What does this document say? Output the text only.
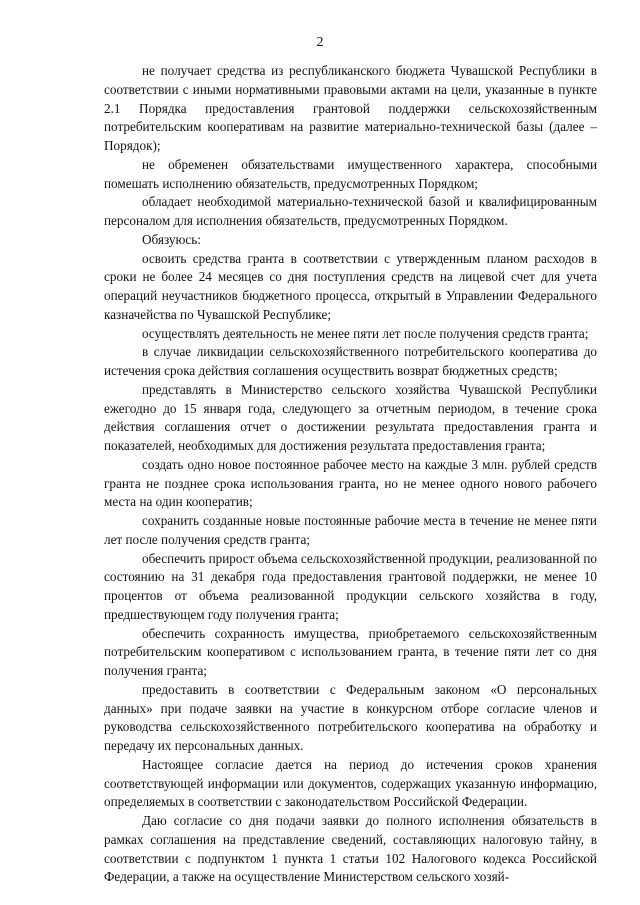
2

не получает средства из республиканского бюджета Чувашской Республики в соответствии с иными нормативными правовыми актами на цели, указанные в пункте 2.1 Порядка предоставления грантовой поддержки сельскохозяйственным потребительским кооперативам на развитие материально-технической базы (далее – Порядок);

не обременен обязательствами имущественного характера, способными помешать исполнению обязательств, предусмотренных Порядком;

обладает необходимой материально-технической базой и квалифицированным персоналом для исполнения обязательств, предусмотренных Порядком.

Обязуюсь:

освоить средства гранта в соответствии с утвержденным планом расходов в сроки не более 24 месяцев со дня поступления средств на лицевой счет для учета операций неучастников бюджетного процесса, открытый в Управлении Федерального казначейства по Чувашской Республике;

осуществлять деятельность не менее пяти лет после получения средств гранта;

в случае ликвидации сельскохозяйственного потребительского кооператива до истечения срока действия соглашения осуществить возврат бюджетных средств;

представлять в Министерство сельского хозяйства Чувашской Республики ежегодно до 15 января года, следующего за отчетным периодом, в течение срока действия соглашения отчет о достижении результата предоставления гранта и показателей, необходимых для достижения результата предоставления гранта;

создать одно новое постоянное рабочее место на каждые 3 млн. рублей средств гранта не позднее срока использования гранта, но не менее одного нового рабочего места на один кооператив;

сохранить созданные новые постоянные рабочие места в течение не менее пяти лет после получения средств гранта;

обеспечить прирост объема сельскохозяйственной продукции, реализованной по состоянию на 31 декабря года предоставления грантовой поддержки, не менее 10 процентов от объема реализованной продукции сельского хозяйства в году, предшествующем году получения гранта;

обеспечить сохранность имущества, приобретаемого сельскохозяйственным потребительским кооперативом с использованием гранта, в течение пяти лет со дня получения гранта;

предоставить в соответствии с Федеральным законом «О персональных данных» при подаче заявки на участие в конкурсном отборе согласие членов и руководства сельскохозяйственного потребительского кооператива на обработку и передачу их персональных данных.

Настоящее согласие дается на период до истечения сроков хранения соответствующей информации или документов, содержащих указанную информацию, определяемых в соответствии с законодательством Российской Федерации.

Даю согласие со дня подачи заявки до полного исполнения обязательств в рамках соглашения на представление сведений, составляющих налоговую тайну, в соответствии с подпунктом 1 пункта 1 статьи 102 Налогового кодекса Российской Федерации, а также на осуществление Министерством сельского хозяй-
